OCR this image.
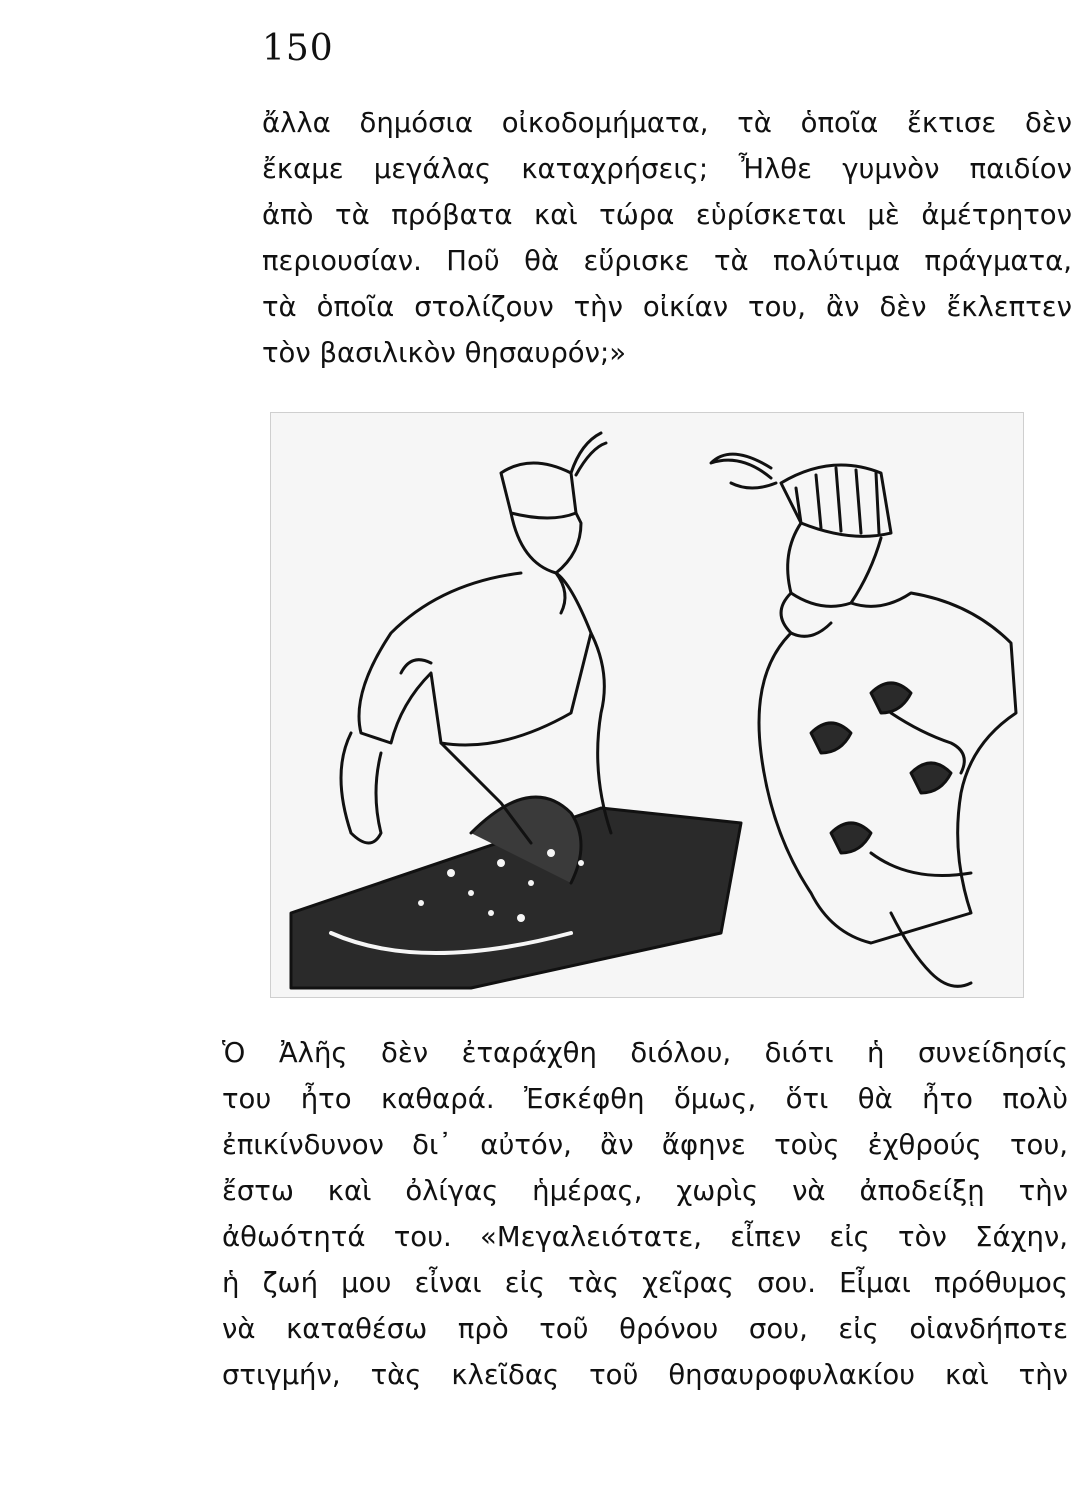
150
ἄλλα δημόσια οἰκοδομήματα, τὰ ὁποῖα ἔκτισε δὲν
ἔκαμε μεγάλας καταχρήσεις; Ἦλθε γυμνὸν παιδίον
ἀπὸ τὰ πρόβατα καὶ τώρα εὑρίσκεται μὲ ἀμέτρητον
περιουσίαν. Ποῦ θὰ εὕρισκε τὰ πολύτιμα πράγματα,
τὰ ὁποῖα στολίζουν τὴν οἰκίαν του, ἂν δὲν ἔκλεπτεν
τὸν βασιλικὸν θησαυρόν;»
Ὁ Ἀλῆς δὲν ἐταράχθη διόλου, διότι ἡ συνείδησίς
του ἦτο καθαρά. Ἐσκέφθη ὅμως, ὅτι θὰ ἦτο πολὺ
ἐπικίνδυνον δι᾽ αὐτόν, ἂν ἄφηνε τοὺς ἐχθρούς του,
ἔστω καὶ ὀλίγας ἡμέρας, χωρὶς νὰ ἀποδείξῃ τὴν
ἀθωότητά του. «Μεγαλειότατε, εἶπεν εἰς τὸν Σάχην,
ἡ ζωή μου εἶναι εἰς τὰς χεῖρας σου. Εἶμαι πρόθυμος
νὰ καταθέσω πρὸ τοῦ θρόνου σου, εἰς οἱανδήποτε
στιγμήν, τὰς κλεῖδας τοῦ θησαυροφυλακίου καὶ τὴν
